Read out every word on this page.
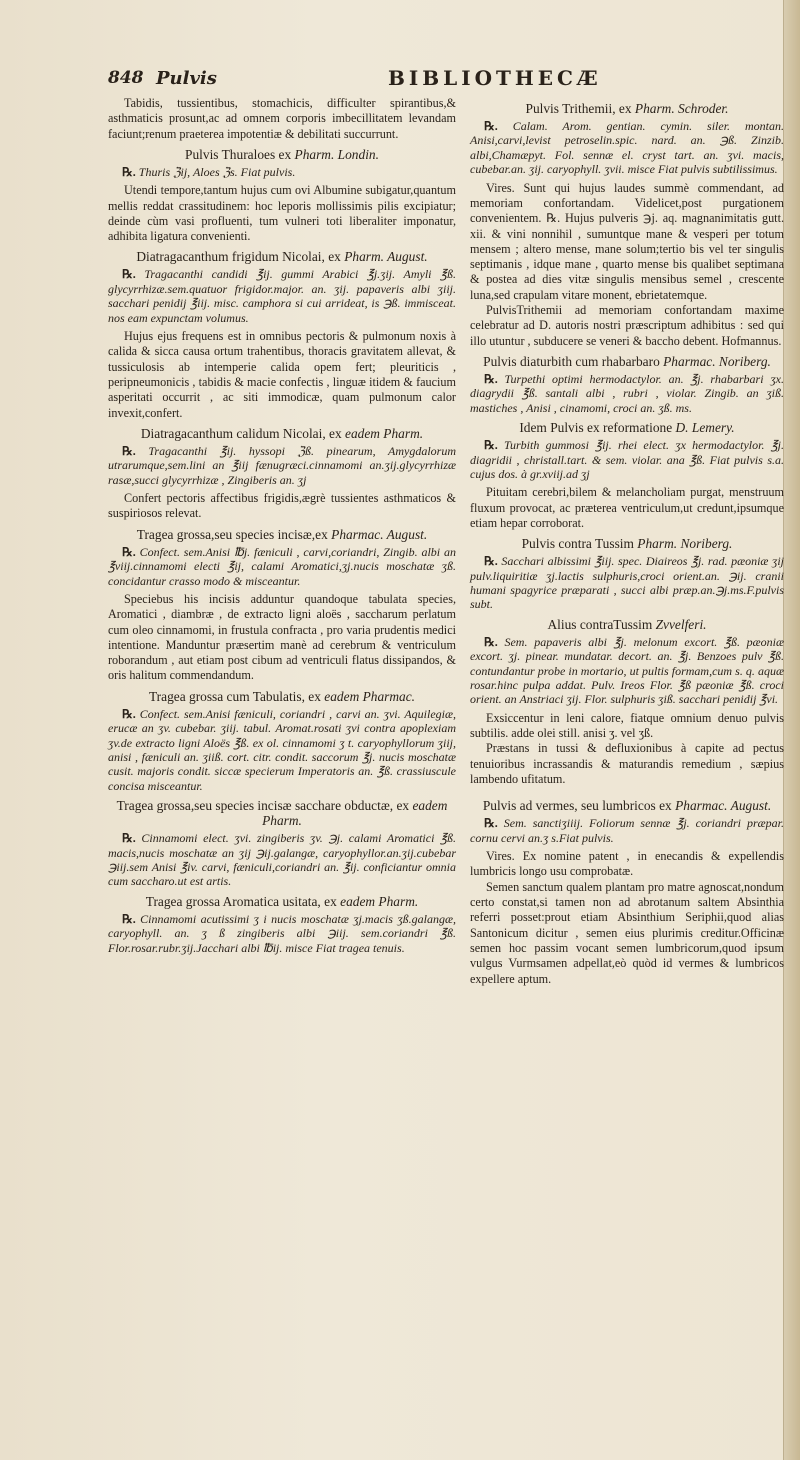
848 Pulvis	BIBLIOTHECÆ
Tabidis, tussientibus, stomachicis, difficulter spirantibus,& asthmaticis prosunt,ac ad omnem corporis imbecillitatem levandam faciunt;renum praeterea impotentiæ & debilitati succurrunt.
Pulvis Thuraloes ex Pharm. Londin.
℞. Thuris ℨij, Aloes ℨs. Fiat pulvis.
Utendi tempore,tantum hujus cum ovi Albumine subigatur,quantum mellis reddat crassitudinem: hoc leporis mollissimis pilis excipiatur; deinde cùm vasi profluenti, tum vulneri toti liberaliter imponatur, adhibita ligatura convenienti.
Diatragacanthum frigidum Nicolai, ex Pharm. August.
℞. Tragacanthi candidi ℥ij. gummi Arabici ℥j.ʒij. Amyli ℥ß. glycyrrhizæ.sem.quatuor frigidor.major. an. ʒij. papaveris albi ʒiij. sacchari penidij ℥iij. misc. camphora si cui arrideat, is ℈ß. immisceat. nos eam expunctam volumus.
Hujus ejus frequens est in omnibus pectoris & pulmonum noxis à calida & sicca causa ortum trahentibus, thoracis gravitatem allevat, & tussiculosis ab intemperie calida opem fert; pleuriticis , peripneumonicis , tabidis & macie confectis , linguæ itidem & faucium asperitati occurrit , ac siti immodicæ, quam pulmonum calor invexit,confert.
Diatragacanthum calidum Nicolai, ex eadem Pharm.
℞. Tragacanthi ℥ij. hyssopi ℨß. pinearum, Amygdalorum utrarumque,sem.lini an ℥iij fænugræci.cinnamomi an.ʒij.glycyrrhizæ rasæ,succi glycyrrhizæ , Zingiberis an. ʒj
Confert pectoris affectibus frigidis,ægrè tussientes asthmaticos & suspiriosos relevat.
Tragea grossa,seu species incisæ,ex Pharmac. August.
℞. Confect. sem.Anisi ℔j. fæniculi , carvi,coriandri, Zingib. albi an ℥viij.cinnamomi electi ℥ij, calami Aromatici,ʒj.nucis moschatæ ʒß. concidantur crasso modo & misceantur.
Speciebus his incisis adduntur quandoque tabulata species, Aromatici , diambræ , de extracto ligni aloës , saccharum perlatum cum oleo cinnamomi, in frustula confracta , pro varia prudentis medici intentione. Manduntur præsertim manè ad cerebrum & ventriculum roborandum , aut etiam post cibum ad ventriculi flatus dissipandos, & oris halitum commendandum.
Tragea grossa cum Tabulatis, ex eadem Pharmac.
℞. Confect. sem.Anisi fæniculi, coriandri , carvi an. ʒvi. Aquilegiæ, erucæ an ʒv. cubebar. ʒiij. tabul. Aromat.rosati ʒvi contra apoplexiam ʒv.de extracto ligni Aloës ℥ß. ex ol. cinnamomi ʒ t. caryophyllorum ʒiij, anisi , fæniculi an. ʒiiß. cort. citr. condit. saccorum ℥j. nucis moschatæ cusit. majoris condit. siccæ specierum Imperatoris an. ℥ß. crassiuscule concisa misceantur.
Tragea grossa,seu species incisæ sacchare obductæ, ex eadem Pharm.
℞. Cinnamomi elect. ʒvi. zingiberis ʒv. ℈j. calami Aromatici ℥ß. macis,nucis moschatæ an ʒij ℈ij.galangæ, caryophyllor.an.ʒij.cubebar ℈iij.sem Anisi ℥iv. carvi, fæniculi,coriandri an. ℥ij. conficiantur omnia cum saccharo.ut est artis.
Tragea grossa Aromatica usitata, ex eadem Pharm.
℞. Cinnamomi acutissimi ʒ i nucis moschatæ ʒj.macis ʒß.galangæ, caryophyll. an. ʒ ß zingiberis albi ℈iij. sem.coriandri ℥ß. Flor.rosar.rubr.ʒij.Jacchari albi ℔ij. misce Fiat tragea tenuis.
Pulvis Trithemii, ex Pharm. Schroder.
℞. Calam. Arom. gentian. cymin. siler. montan. Anisi,carvi,levist petroselin.spic. nard. an. ℈ß. Zinzib. albi,Chamæpyt. Fol. sennæ el. cryst tart. an. ʒvi. macis, cubebar.an. ʒij. caryophyll. ʒvii. misce Fiat pulvis subtilissimus.
Vires. Sunt qui hujus laudes summè commendant, ad memoriam confortandam. Videlicet,post purgationem convenientem. ℞. Hujus pulveris ℈j. aq. magnanimitatis gutt. xii. & vini nonnihil , sumuntque mane & vesperi per totum mensem ; altero mense, mane solum;tertio bis vel ter singulis septimanis , idque mane , quarto mense bis qualibet septimana & postea ad dies vitæ singulis mensibus semel , crescente luna,sed crapulam vitare monent, ebrietatemque.
PulvisTrithemii ad memoriam confortandam maxime celebratur ad D. autoris nostri præscriptum adhibitus : sed qui illo utuntur , subducere se veneri & baccho debent. Hofmannus.
Pulvis diaturbith cum rhabarbaro Pharmac. Noriberg.
℞. Turpethi optimi hermodactylor. an. ℥j. rhabarbari ʒx. diagrydii ℥ß. santali albi , rubri , violar. Zingib. an ʒiß. mastiches , Anisi , cinamomi, croci an. ʒß. ms.
Idem Pulvis ex reformatione D. Lemery.
℞. Turbith gummosi ℥ij. rhei elect. ʒx hermodactylor. ℥j. diagridii , christall.tart. & sem. violar. ana ℥ß. Fiat pulvis s.a. cujus dos. à gr.xviij.ad ʒj
Pituitam cerebri,bilem & melancholiam purgat, menstruum fluxum provocat, ac præterea ventriculum,ut credunt,ipsumque etiam hepar corroborat.
Pulvis contra Tussim Pharm. Noriberg.
℞. Sacchari albissimi ℥iij. spec. Diaireos ℥j. rad. pæoniæ ʒij pulv.liquiritiæ ʒj.lactis sulphuris,croci orient.an. ℈ij. cranii humani spagyrice præparati , succi albi præp.an.℈j.ms.F.pulvis subt.
Alius contraTussim Zvvelferi.
℞. Sem. papaveris albi ℥j. melonum excort. ℥ß. pæoniæ excort. ʒj. pinear. mundatar. decort. an. ℥j. Benzoes pulv ℥ß. contundantur probe in mortario, ut pultis formam,cum s. q. aquæ rosar.hinc pulpa addat. Pulv. Ireos Flor. ℥ß pæoniæ ℥ß. croci orient. an Anstriaci ʒij. Flor. sulphuris ʒiß. sacchari penidij ℥vi.
Exsiccentur in leni calore, fiatque omnium denuo pulvis subtilis. adde olei still. anisi ʒ. vel ʒß.
Præstans in tussi & defluxionibus à capite ad pectus tenuioribus incrassandis & maturandis remedium , sæpius lambendo ufitatum.
Pulvis ad vermes, seu lumbricos ex Pharmac. August.
℞. Sem. sanctiʒiiij. Foliorum sennæ ℥j. coriandri præpar. cornu cervi an.ʒ s.Fiat pulvis.
Vires. Ex nomine patent , in enecandis & expellendis lumbricis longo usu comprobatæ.
Semen sanctum qualem plantam pro matre agnoscat,nondum certo constat,si tamen non ad abrotanum saltem Absinthia referri posset:prout etiam Absinthium Seriphii,quod alias Santonicum dicitur , semen eius plurimis creditur.Officinæ semen hoc passim vocant semen lumbricorum,quod ipsum vulgus Vurmsamen adpellat,eò quòd id vermes & lumbricos expellere aptum.
